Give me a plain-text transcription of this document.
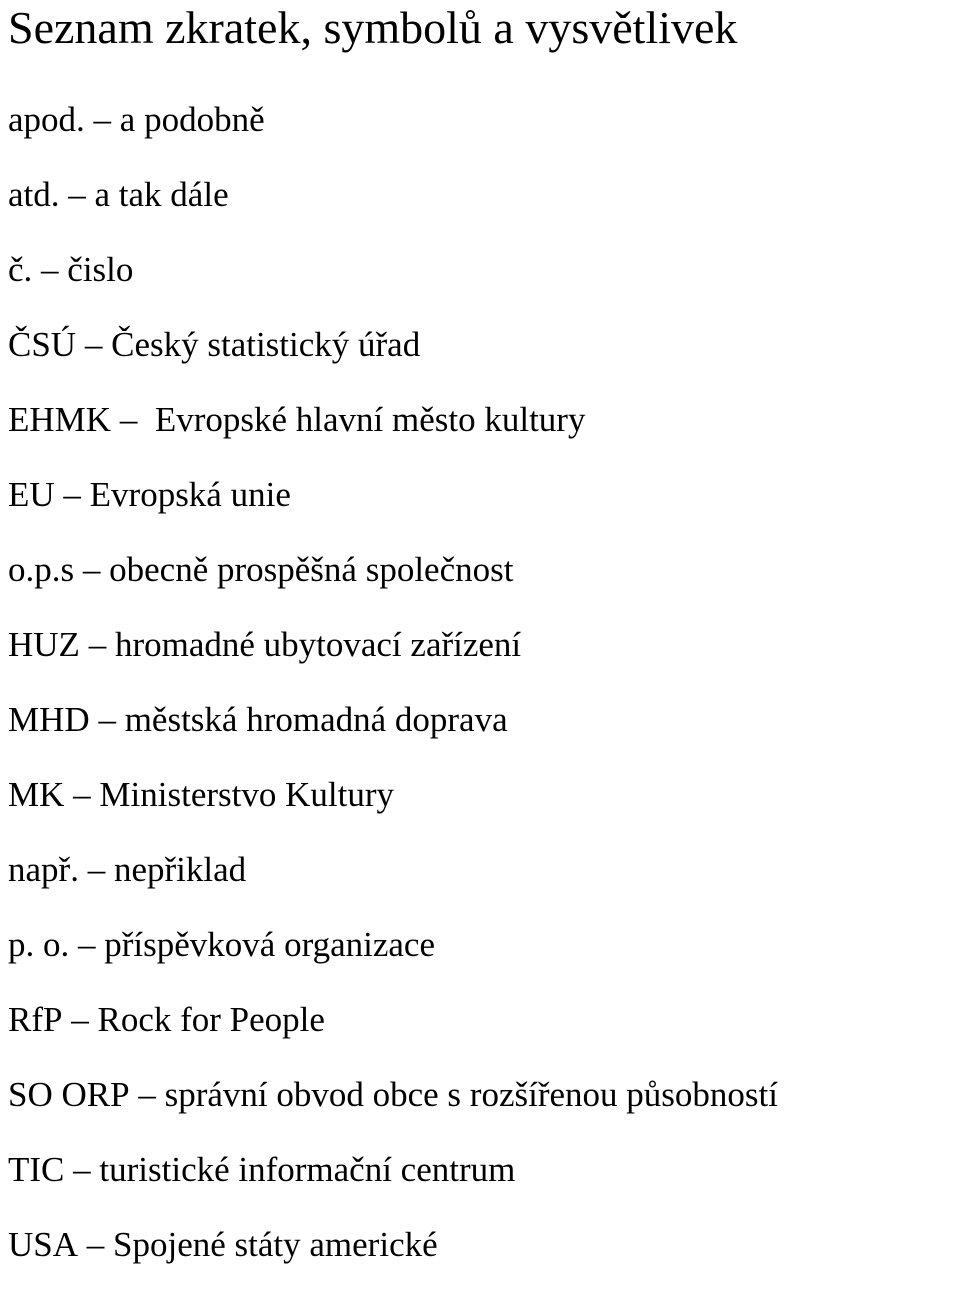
Seznam zkratek, symbolů a vysvětlivek
apod. – a podobně
atd. – a tak dále
č. – čislo
ČSÚ – Český statistický úřad
EHMK –  Evropské hlavní město kultury
EU – Evropská unie
o.p.s – obecně prospěšná společnost
HUZ – hromadné ubytovací zařízení
MHD – městská hromadná doprava
MK – Ministerstvo Kultury
např. – nepřiklad
p. o. – příspěvková organizace
RfP – Rock for People
SO ORP – správní obvod obce s rozšířenou působností
TIC – turistické informační centrum
USA – Spojené státy americké
